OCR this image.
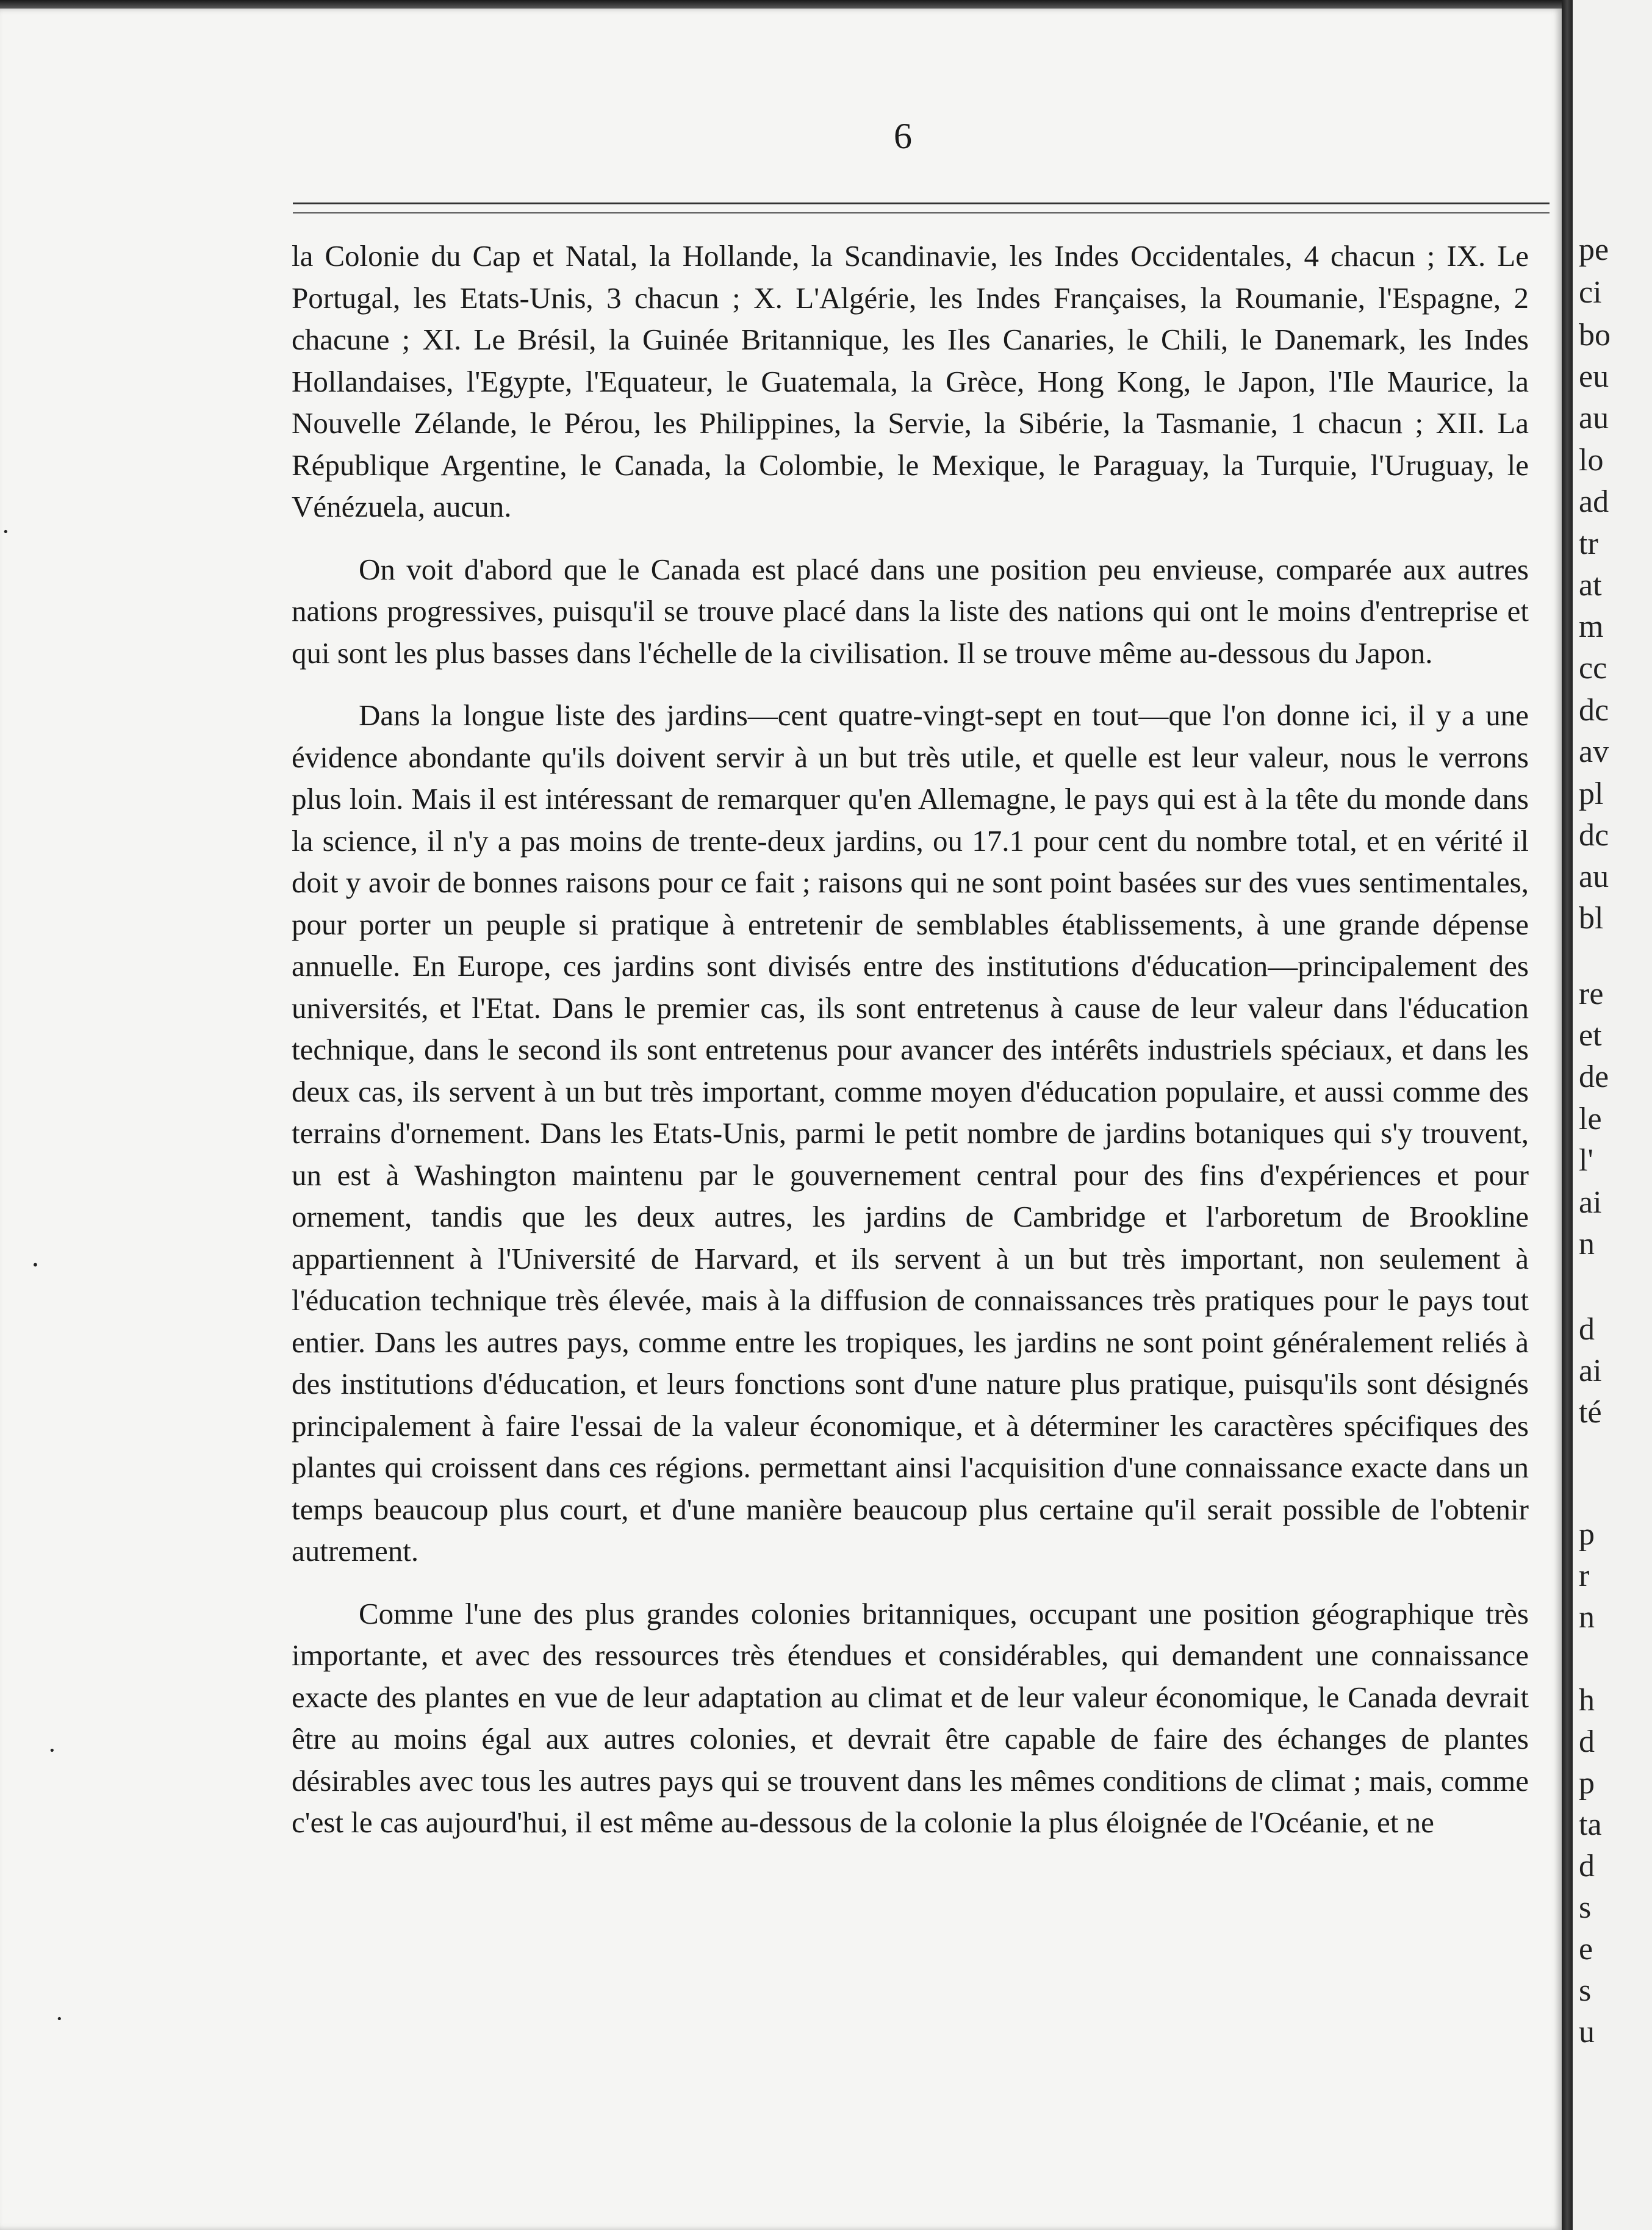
6

la Colonie du Cap et Natal, la Hollande, la Scandinavie, les Indes Occidentales, 4 chacun ; IX. Le Portugal, les Etats-Unis, 3 chacun ; X. L'Algérie, les Indes Françaises, la Roumanie, l'Espagne, 2 chacune ; XI. Le Brésil, la Guinée Britannique, les Iles Canaries, le Chili, le Danemark, les Indes Hollandaises, l'Egypte, l'Equateur, le Guatemala, la Grèce, Hong Kong, le Japon, l'Ile Maurice, la Nouvelle Zélande, le Pérou, les Philippines, la Servie, la Sibérie, la Tasmanie, 1 chacun ; XII. La République Argentine, le Canada, la Colombie, le Mexique, le Paraguay, la Turquie, l'Uruguay, le Vénézuela, aucun.

On voit d'abord que le Canada est placé dans une position peu envieuse, comparée aux autres nations progressives, puisqu'il se trouve placé dans la liste des nations qui ont le moins d'entreprise et qui sont les plus basses dans l'échelle de la civilisation. Il se trouve même au-dessous du Japon.

Dans la longue liste des jardins—cent quatre-vingt-sept en tout—que l'on donne ici, il y a une évidence abondante qu'ils doivent servir à un but très utile, et quelle est leur valeur, nous le verrons plus loin. Mais il est intéressant de remarquer qu'en Allemagne, le pays qui est à la tête du monde dans la science, il n'y a pas moins de trente-deux jardins, ou 17.1 pour cent du nombre total, et en vérité il doit y avoir de bonnes raisons pour ce fait ; raisons qui ne sont point basées sur des vues sentimentales, pour porter un peuple si pratique à entretenir de semblables établissements, à une grande dépense annuelle. En Europe, ces jardins sont divisés entre des institutions d'éducation—principalement des universités, et l'Etat. Dans le premier cas, ils sont entretenus à cause de leur valeur dans l'éducation technique, dans le second ils sont entretenus pour avancer des intérêts industriels spéciaux, et dans les deux cas, ils servent à un but très important, comme moyen d'éducation populaire, et aussi comme des terrains d'ornement. Dans les Etats-Unis, parmi le petit nombre de jardins botaniques qui s'y trouvent, un est à Washington maintenu par le gouvernement central pour des fins d'expériences et pour ornement, tandis que les deux autres, les jardins de Cambridge et l'arboretum de Brookline appartiennent à l'Université de Harvard, et ils servent à un but très important, non seulement à l'éducation technique très élevée, mais à la diffusion de connaissances très pratiques pour le pays tout entier. Dans les autres pays, comme entre les tropiques, les jardins ne sont point généralement reliés à des institutions d'éducation, et leurs fonctions sont d'une nature plus pratique, puisqu'ils sont désignés principalement à faire l'essai de la valeur économique, et à déterminer les caractères spécifiques des plantes qui croissent dans ces régions. permettant ainsi l'acquisition d'une connaissance exacte dans un temps beaucoup plus court, et d'une manière beaucoup plus certaine qu'il serait possible de l'obtenir autrement.

Comme l'une des plus grandes colonies britanniques, occupant une position géographique très importante, et avec des ressources très étendues et considérables, qui demandent une connaissance exacte des plantes en vue de leur adaptation au climat et de leur valeur économique, le Canada devrait être au moins égal aux autres colonies, et devrait être capable de faire des échanges de plantes désirables avec tous les autres pays qui se trouvent dans les mêmes conditions de climat ; mais, comme c'est le cas aujourd'hui, il est même au-dessous de la colonie la plus éloignée de l'Océanie, et ne

•
•
•
•
pe
ci
bo
eu
au
lo
ad
tr
at
m
cc
dc
av
pl
dc
au
bl
re
et
de
le
l'
ai
n
d
ai
té
p
r
n
h
d
p
ta
d
s
e
s
u
